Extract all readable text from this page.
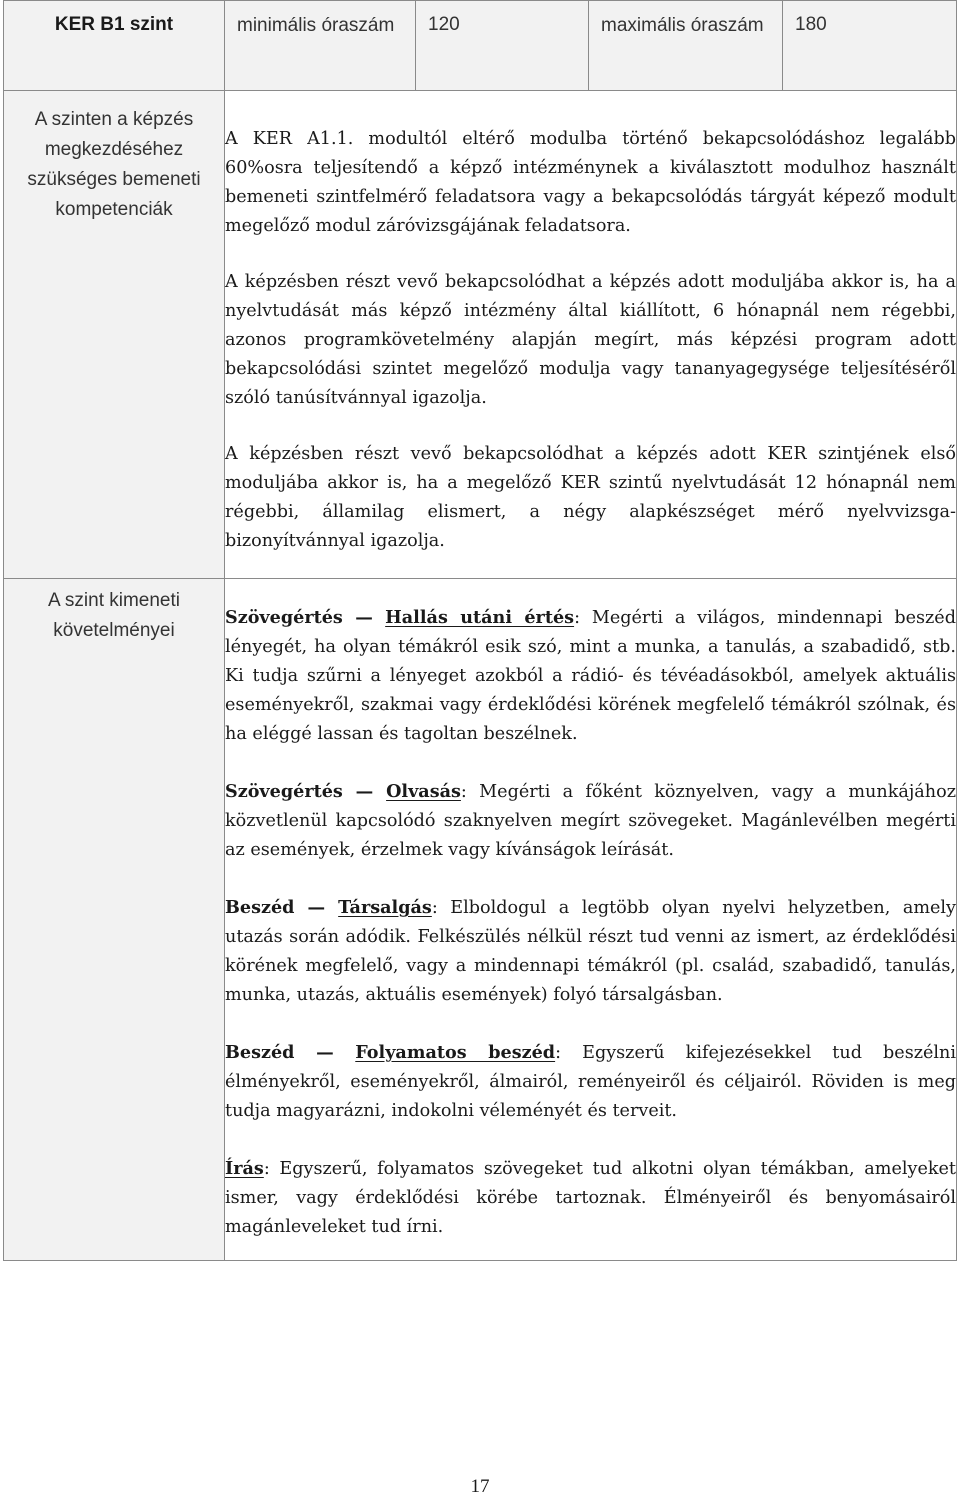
KER B1 szint	minimális óraszám	120	maximális óraszám	180

A szinten a képzés megkezdéséhez szükséges bemeneti kompetenciák	A KER A1.1. modultól eltérő modulba történő bekapcsolódáshoz legalább 60%osra teljesítendő a képző intézménynek a kiválasztott modulhoz használt bemeneti szintfelmérő feladatsora vagy a bekapcsolódás tárgyát képező modult megelőző modul záróvizsgájának feladatsora.

A képzésben részt vevő bekapcsolódhat a képzés adott moduljába akkor is, ha a nyelvtudását más képző intézmény által kiállított, 6 hónapnál nem régebbi, azonos programkövetelmény alapján megírt, más képzési program adott bekapcsolódási szintet megelőző modulja vagy tananyagegysége teljesítéséről szóló tanúsítvánnyal igazolja.

A képzésben részt vevő bekapcsolódhat a képzés adott KER szintjének első moduljába akkor is, ha a megelőző KER szintű nyelvtudását 12 hónapnál nem régebbi, államilag elismert, a négy alapkészséget mérő nyelvvizsga-bizonyítvánnyal igazolja.			

A szint kimeneti követelményei	Szövegértés — Hallás utáni értés: Megérti a világos, mindennapi beszéd lényegét, ha olyan témákról esik szó, mint a munka, a tanulás, a szabadidő, stb. Ki tudja szűrni a lényeget azokból a rádió- és tévéadásokból, amelyek aktuális eseményekről, szakmai vagy érdeklődési körének megfelelő témákról szólnak, és ha eléggé lassan és tagoltan beszélnek.

Szövegértés — Olvasás: Megérti a főként köznyelven, vagy a munkájához közvetlenül kapcsolódó szaknyelven megírt szövegeket. Magánlevélben megérti az események, érzelmek vagy kívánságok leírását.

Beszéd — Társalgás: Elboldogul a legtöbb olyan nyelvi helyzetben, amely utazás során adódik. Felkészülés nélkül részt tud venni az ismert, az érdeklődési körének megfelelő, vagy a mindennapi témákról (pl. család, szabadidő, tanulás, munka, utazás, aktuális események) folyó társalgásban.

Beszéd — Folyamatos beszéd: Egyszerű kifejezésekkel tud beszélni élményekről, eseményekről, álmairól, reményeiről és céljairól. Röviden is meg tudja magyarázni, indokolni véleményét és terveit.

Írás: Egyszerű, folyamatos szövegeket tud alkotni olyan témákban, amelyeket ismer, vagy érdeklődési körébe tartoznak. Élményeiről és benyomásairól magánleveleket tud írni.			

17
